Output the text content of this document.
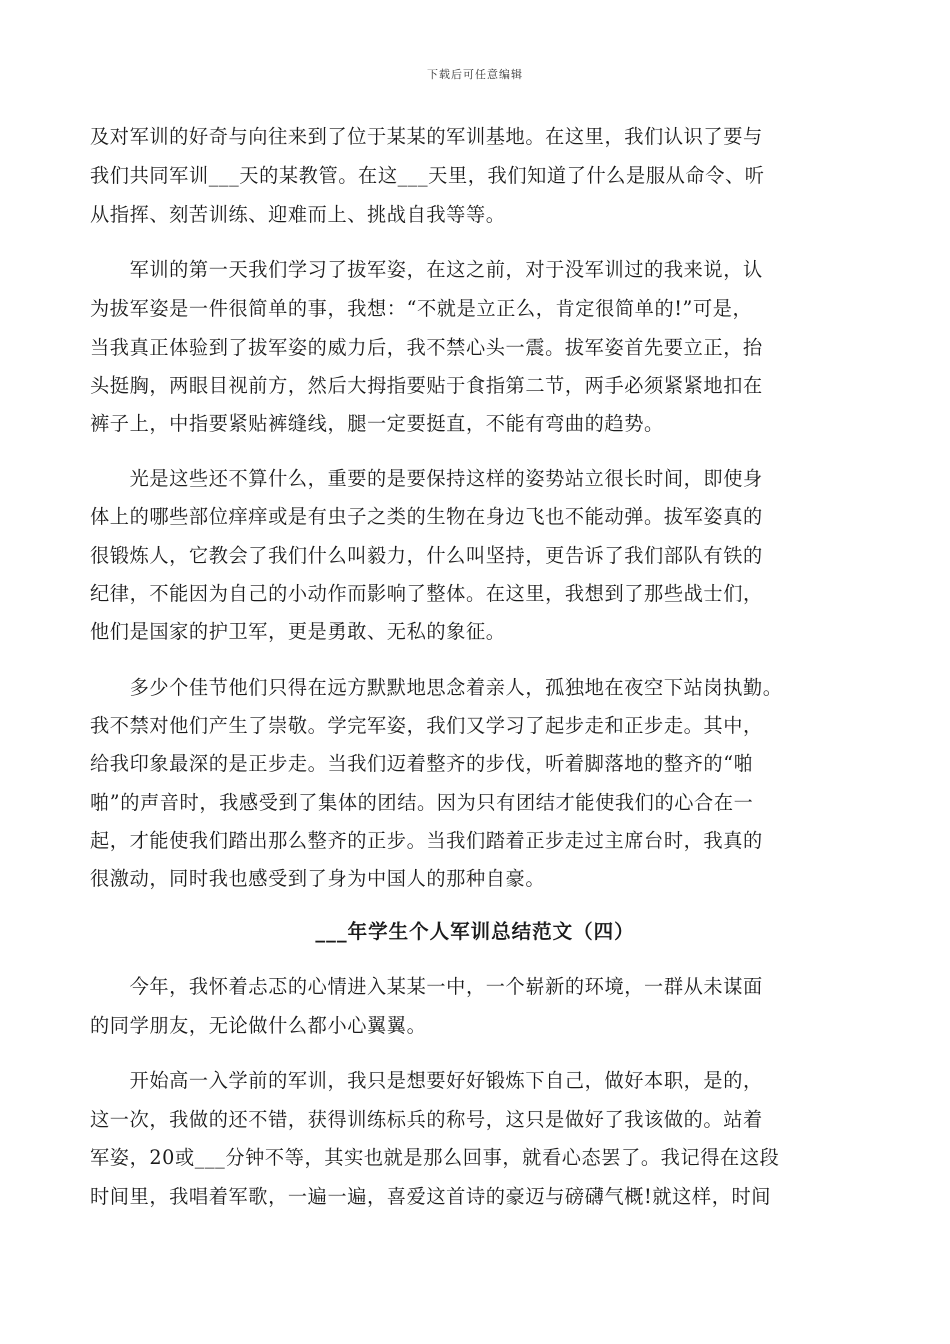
下载后可任意编辑
及对军训的好奇与向往来到了位于某某的军训基地。在这里，我们认识了要与
我们共同军训___天的某教管。在这___天里，我们知道了什么是服从命令、听
从指挥、刻苦训练、迎难而上、挑战自我等等。
　　军训的第一天我们学习了拔军姿，在这之前，对于没军训过的我来说，认
为拔军姿是一件很简单的事，我想：“不就是立正么，肯定很简单的!”可是，
当我真正体验到了拔军姿的威力后，我不禁心头一震。拔军姿首先要立正，抬
头挺胸，两眼目视前方，然后大拇指要贴于食指第二节，两手必须紧紧地扣在
裤子上，中指要紧贴裤缝线，腿一定要挺直，不能有弯曲的趋势。
　　光是这些还不算什么，重要的是要保持这样的姿势站立很长时间，即使身
体上的哪些部位痒痒或是有虫子之类的生物在身边飞也不能动弹。拔军姿真的
很锻炼人，它教会了我们什么叫毅力，什么叫坚持，更告诉了我们部队有铁的
纪律，不能因为自己的小动作而影响了整体。在这里，我想到了那些战士们，
他们是国家的护卫军，更是勇敢、无私的象征。
　　多少个佳节他们只得在远方默默地思念着亲人，孤独地在夜空下站岗执勤。
我不禁对他们产生了崇敬。学完军姿，我们又学习了起步走和正步走。其中，
给我印象最深的是正步走。当我们迈着整齐的步伐，听着脚落地的整齐的“啪
啪”的声音时，我感受到了集体的团结。因为只有团结才能使我们的心合在一
起，才能使我们踏出那么整齐的正步。当我们踏着正步走过主席台时，我真的
很激动，同时我也感受到了身为中国人的那种自豪。
___年学生个人军训总结范文（四）
　　今年，我怀着忐忑的心情进入某某一中，一个崭新的环境，一群从未谋面
的同学朋友，无论做什么都小心翼翼。
　　开始高一入学前的军训，我只是想要好好锻炼下自己，做好本职，是的，
这一次，我做的还不错，获得训练标兵的称号，这只是做好了我该做的。站着
军姿，20或___分钟不等，其实也就是那么回事，就看心态罢了。我记得在这段
时间里，我唱着军歌，一遍一遍，喜爱这首诗的豪迈与磅礴气概!就这样，时间
